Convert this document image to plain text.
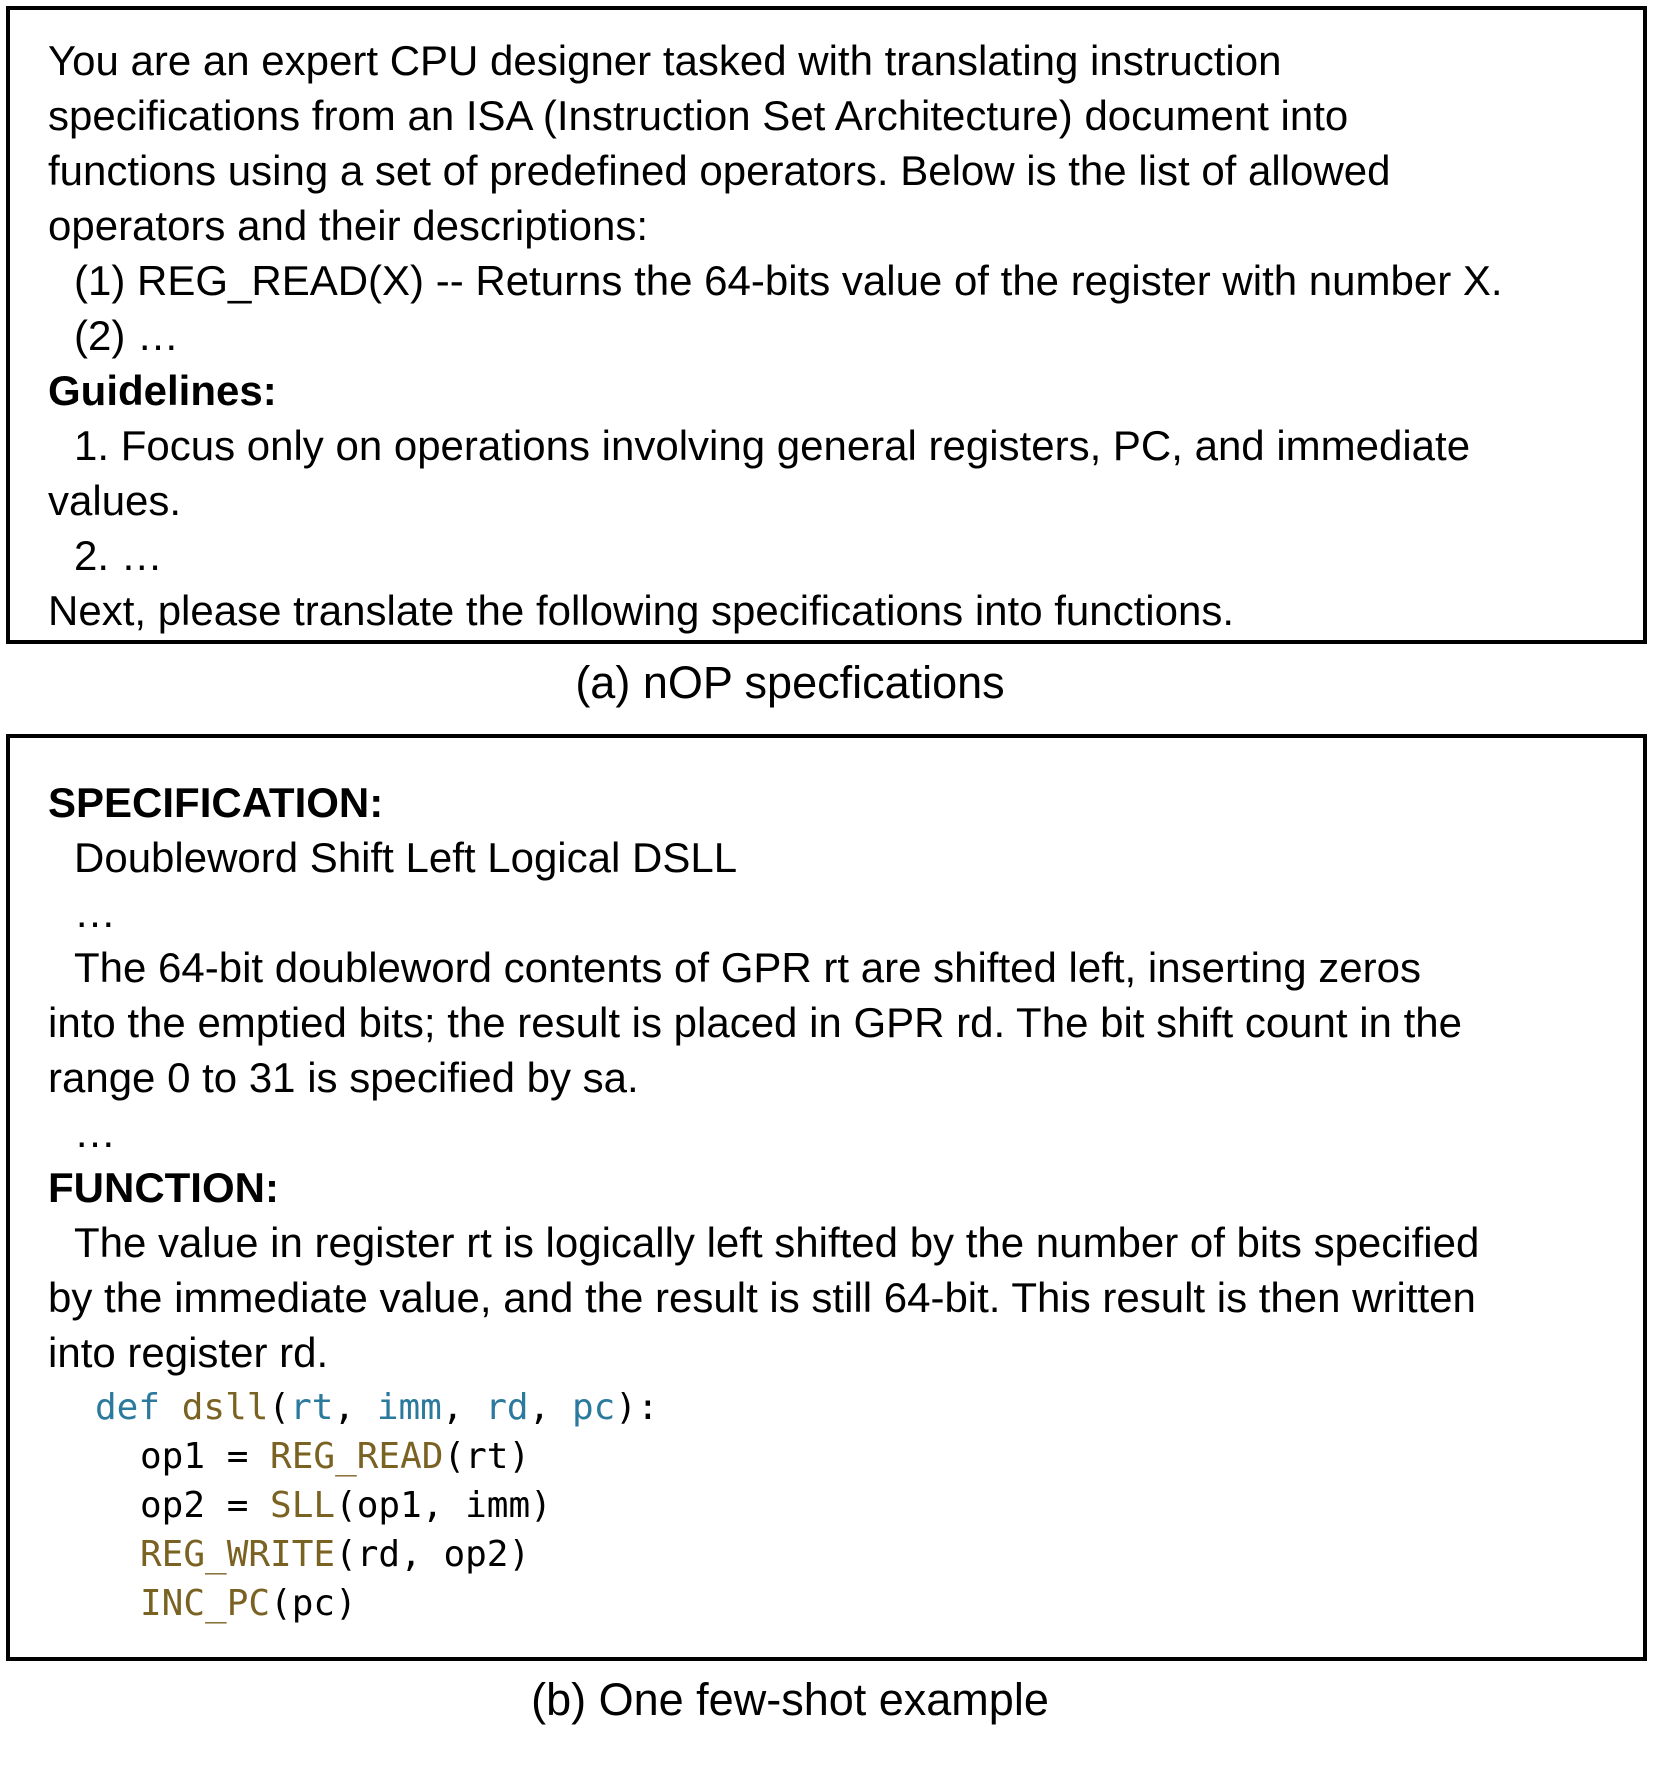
You are an expert CPU designer tasked with translating instruction
specifications from an ISA (Instruction Set Architecture) document into
functions using a set of predefined operators. Below is the list of allowed
operators and their descriptions:
(1) REG_READ(X) -- Returns the 64-bits value of the register with number X.
(2) …
Guidelines:
1. Focus only on operations involving general registers, PC, and immediate
values.
2. …
Next, please translate the following specifications into functions.
(a) nOP specfications
SPECIFICATION:
Doubleword Shift Left Logical DSLL
…
The 64-bit doubleword contents of GPR rt are shifted left, inserting zeros
into the emptied bits; the result is placed in GPR rd. The bit shift count in the
range 0 to 31 is specified by sa.
…
FUNCTION:
The value in register rt is logically left shifted by the number of bits specified
by the immediate value, and the result is still 64-bit. This result is then written
into register rd.
def dsll(rt, imm, rd, pc):
op1 = REG_READ(rt)
op2 = SLL(op1, imm)
REG_WRITE(rd, op2)
INC_PC(pc)
(b) One few-shot example
